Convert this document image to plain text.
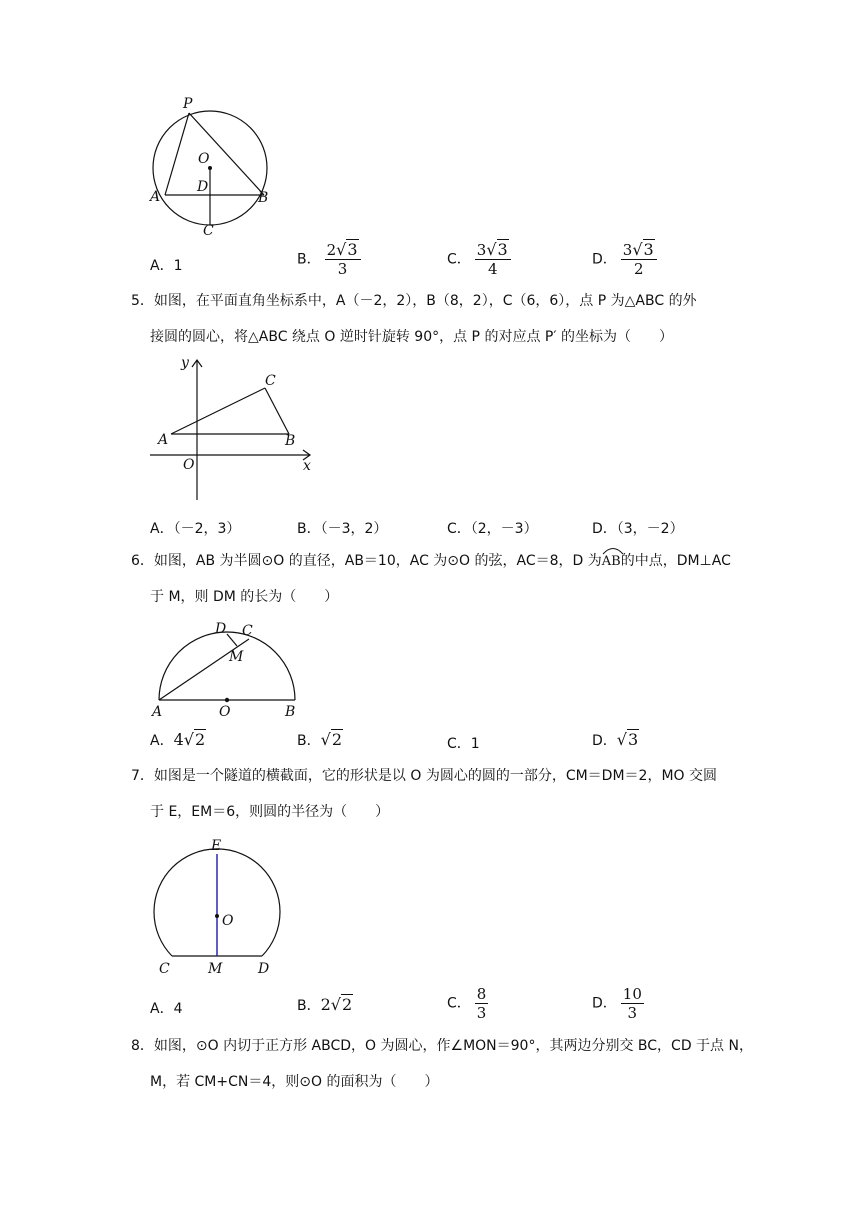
P
O
D
A	B
C
A．1	B． $\frac{2√3}{3}$	C． $\frac{3√3}{4}$	D． $\frac{3√3}{2}$
5．如图，在平面直角坐标系中，A（－2，2），B（8，2），C（6，6），点 P 为△ABC 的外
接圆的圆心，将△ABC 绕点 O 逆时针旋转 90°，点 P 的对应点 P′ 的坐标为（　　）
y
x
O
A	B
C
A．（－2，3）	B．（－3，2）	C．（2，－3）	D．（3，－2）
6．如图，AB 为半圆⊙O 的直径，AB＝10，AC 为⊙O 的弦，AC＝8，D 为
AB的中点，DM⊥AC
于 M，则 DM 的长为（　　）
D C
M
A	O	B
A．4√2	B．√2	C．1	D．√3
7．如图是一个隧道的横截面，它的形状是以 O 为圆心的圆的一部分，CM＝DM＝2，MO 交圆
于 E，EM＝6，则圆的半径为（　　）
E
O
C	M	D
A．4	B．2√2	C． $\frac{8}{3}$	D． $\frac{10}{3}$
8．如图，⊙O 内切于正方形 ABCD，O 为圆心，作∠MON＝90°，其两边分别交 BC，CD 于点 N，
M，若 CM+CN＝4，则⊙O 的面积为（　　）
